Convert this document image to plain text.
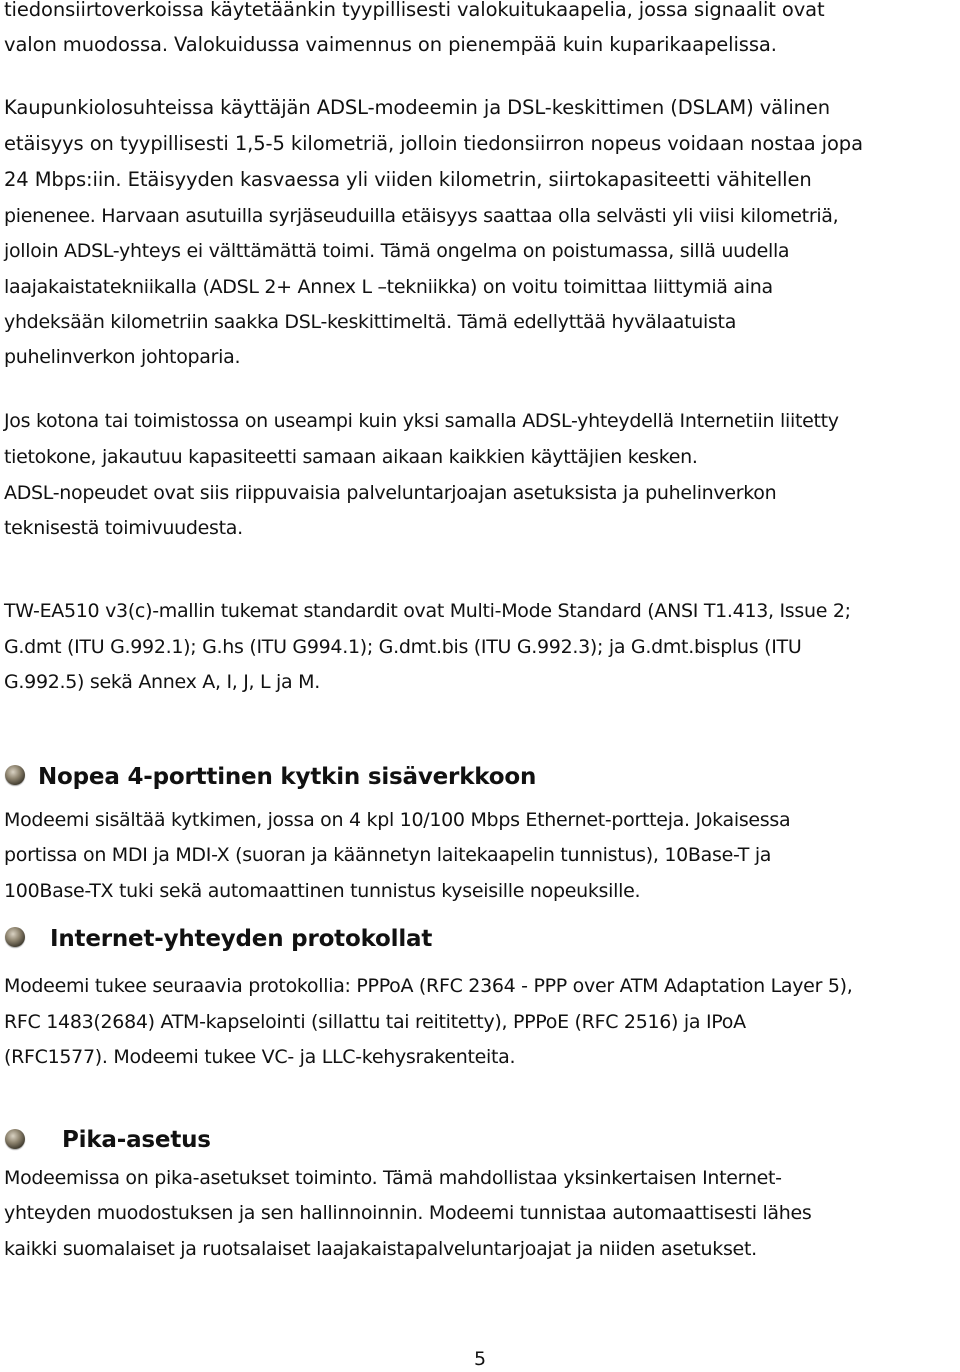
tiedonsiirtoverkoissa käytetäänkin tyypillisesti valokuitukaapelia, jossa signaalit ovat
valon muodossa. Valokuidussa vaimennus on pienempää kuin kuparikaapelissa.
Kaupunkiolosuhteissa käyttäjän ADSL-modeemin ja DSL-keskittimen (DSLAM) välinen
etäisyys on tyypillisesti 1,5-5 kilometriä, jolloin tiedonsiirron nopeus voidaan nostaa jopa
24 Mbps:iin. Etäisyyden kasvaessa yli viiden kilometrin, siirtokapasiteetti vähitellen
pienenee. Harvaan asutuilla syrjäseuduilla etäisyys saattaa olla selvästi yli viisi kilometriä,
jolloin ADSL-yhteys ei välttämättä toimi. Tämä ongelma on poistumassa, sillä uudella
laajakaistatekniikalla (ADSL 2+ Annex L –tekniikka) on voitu toimittaa liittymiä aina
yhdeksään kilometriin saakka DSL-keskittimeltä. Tämä edellyttää hyvälaatuista
puhelinverkon johtoparia.
Jos kotona tai toimistossa on useampi kuin yksi samalla ADSL-yhteydellä Internetiin liitetty
tietokone, jakautuu kapasiteetti samaan aikaan kaikkien käyttäjien kesken.
ADSL-nopeudet ovat siis riippuvaisia palveluntarjoajan asetuksista ja puhelinverkon
teknisestä toimivuudesta.
TW-EA510 v3(c)-mallin tukemat standardit ovat Multi-Mode Standard (ANSI T1.413, Issue 2;
G.dmt (ITU G.992.1); G.hs (ITU G994.1); G.dmt.bis (ITU G.992.3); ja G.dmt.bisplus (ITU
G.992.5) sekä Annex A, I, J, L ja M.
Nopea 4-porttinen kytkin sisäverkkoon
Modeemi sisältää kytkimen, jossa on 4 kpl 10/100 Mbps Ethernet-portteja. Jokaisessa
portissa on MDI ja MDI-X (suoran ja käännetyn laitekaapelin tunnistus), 10Base-T ja
100Base-TX tuki sekä automaattinen tunnistus kyseisille nopeuksille.
Internet-yhteyden protokollat
Modeemi tukee seuraavia protokollia: PPPoA (RFC 2364 - PPP over ATM Adaptation Layer 5),
RFC 1483(2684) ATM-kapselointi (sillattu tai reititetty), PPPoE (RFC 2516) ja IPoA
(RFC1577). Modeemi tukee VC- ja LLC-kehysrakenteita.
Pika-asetus
Modeemissa on pika-asetukset toiminto. Tämä mahdollistaa yksinkertaisen Internet-
yhteyden muodostuksen ja sen hallinnoinnin. Modeemi tunnistaa automaattisesti lähes
kaikki suomalaiset ja ruotsalaiset laajakaistapalveluntarjoajat ja niiden asetukset.
5
